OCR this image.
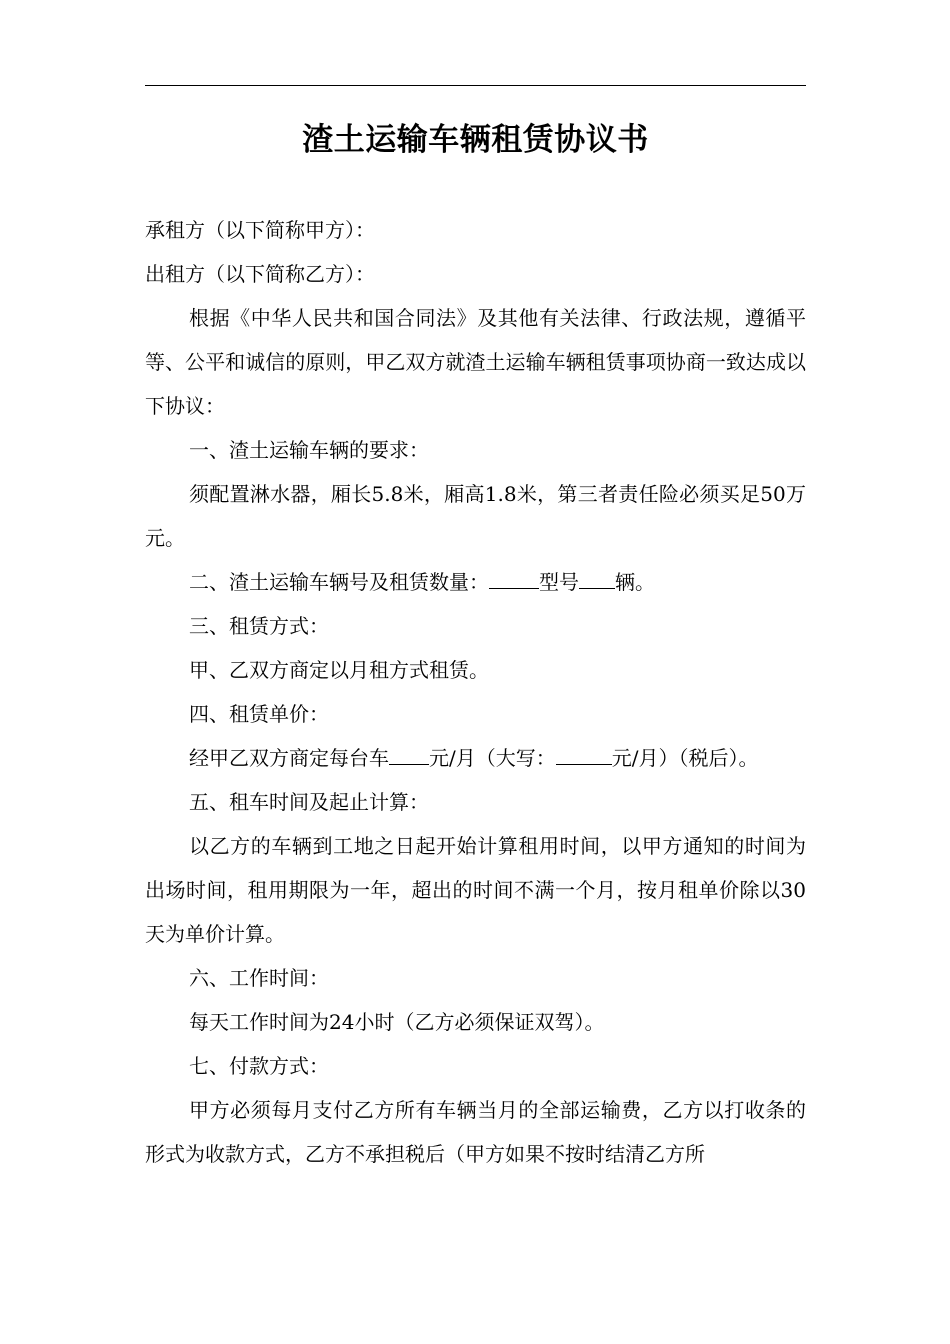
渣土运输车辆租赁协议书

承租方（以下简称甲方）：

出租方（以下简称乙方）：

根据《中华人民共和国合同法》及其他有关法律、行政法规，遵循平等、公平和诚信的原则，甲乙双方就渣土运输车辆租赁事项协商一致达成以下协议：

一、渣土运输车辆的要求：

须配置淋水器，厢长5.8米，厢高1.8米，第三者责任险必须买足50万元。

二、渣土运输车辆号及租赁数量：	型号 辆。

三、租赁方式：

甲、乙双方商定以月租方式租赁。

四、租赁单价：

经甲乙双方商定每台车 元/月（大写：	元/月）（税后）。

五、租车时间及起止计算：

以乙方的车辆到工地之日起开始计算租用时间，以甲方通知的时间为出场时间，租用期限为一年，超出的时间不满一个月，按月租单价除以30天为单价计算。

六、工作时间：

每天工作时间为24小时（乙方必须保证双驾）。

七、付款方式：

甲方必须每月支付乙方所有车辆当月的全部运输费，乙方以打收条的形式为收款方式，乙方不承担税后（甲方如果不按时结清乙方所
